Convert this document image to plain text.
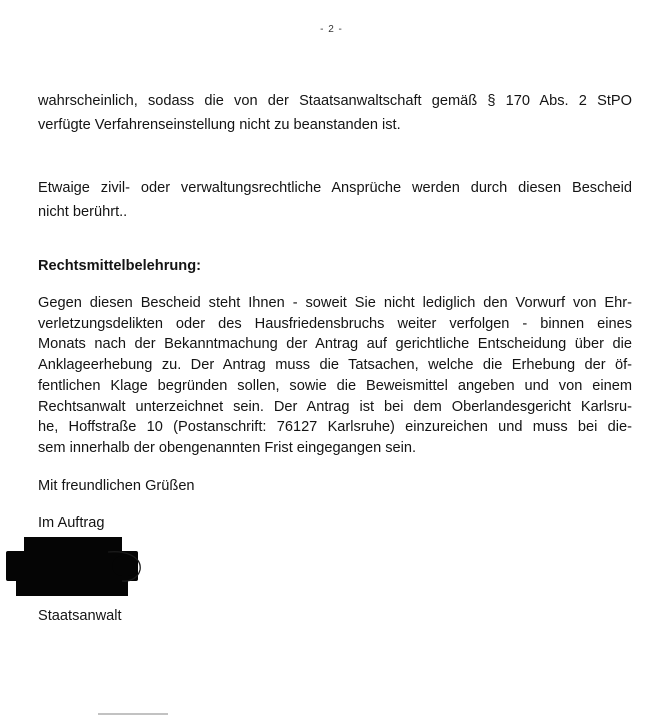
- 2 -
wahrscheinlich, sodass die von der Staatsanwaltschaft gemäß § 170 Abs. 2 StPO
verfügte Verfahrenseinstellung nicht zu beanstanden ist.
Etwaige zivil- oder verwaltungsrechtliche Ansprüche werden durch diesen Bescheid
nicht berührt..
Rechtsmittelbelehrung:
Gegen diesen Bescheid steht Ihnen - soweit Sie nicht lediglich den Vorwurf von Ehr-
verletzungsdelikten oder des Hausfriedensbruchs weiter verfolgen - binnen eines
Monats nach der Bekanntmachung der Antrag auf gerichtliche Entscheidung über die
Anklageerhebung zu. Der Antrag muss die Tatsachen, welche die Erhebung der öf-
fentlichen Klage begründen sollen, sowie die Beweismittel angeben und von einem
Rechtsanwalt unterzeichnet sein. Der Antrag ist bei dem Oberlandesgericht Karlsru-
he, Hoffstraße 10 (Postanschrift: 76127 Karlsruhe) einzureichen und muss bei die-
sem innerhalb der obengenannten Frist eingegangen sein.
Mit freundlichen Grüßen
Im Auftrag
Staatsanwalt
